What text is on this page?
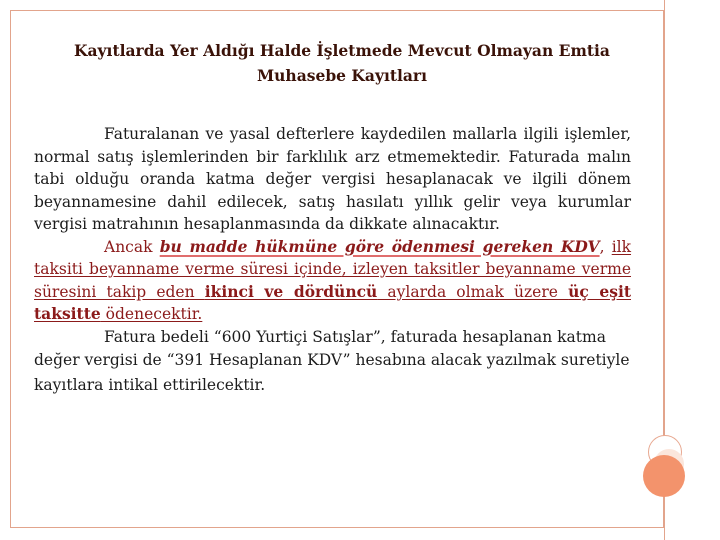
Kayıtlarda Yer Aldığı Halde İşletmede Mevcut Olmayan Emtia
Muhasebe Kayıtları

Faturalanan ve yasal defterlere kaydedilen mallarla ilgili işlemler, normal satış işlemlerinden bir farklılık arz etmemektedir. Faturada malın tabi olduğu oranda katma değer vergisi hesaplanacak ve ilgili dönem beyannamesine dahil edilecek, satış hasılatı yıllık gelir veya kurumlar vergisi matrahının hesaplanmasında da dikkate alınacaktır.

Ancak bu madde hükmüne göre ödenmesi gereken KDV, ilk taksiti beyanname verme süresi içinde, izleyen taksitler beyanname verme süresini takip eden ikinci ve dördüncü aylarda olmak üzere üç eşit taksitte ödenecektir.

Fatura bedeli “600 Yurtiçi Satışlar”, faturada hesaplanan katma

değer vergisi de “391 Hesaplanan KDV” hesabına alacak yazılmak suretiyle kayıtlara intikal ettirilecektir.
